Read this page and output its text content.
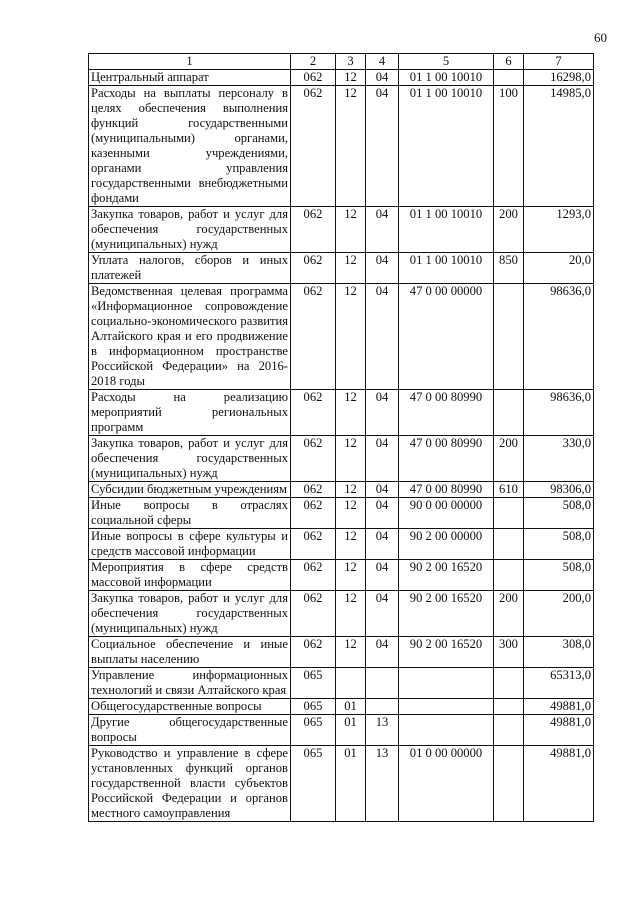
60
1	2	3	4	5	6	7
Центральный аппарат	062	12	04	01 1 00 10010		16298,0
Расходы на выплаты персоналу в целях обеспечения выполнения функций государственными (муниципальными) органами, казенными учреждениями, органами управления государственными внебюджетными фондами	062	12	04	01 1 00 10010	100	14985,0
Закупка товаров, работ и услуг для обеспечения государственных (муниципальных) нужд	062	12	04	01 1 00 10010	200	1293,0
Уплата налогов, сборов и иных платежей	062	12	04	01 1 00 10010	850	20,0
Ведомственная целевая программа «Информационное сопровождение социально-экономического развития Алтайского края и его продвижение в информационном пространстве Российской Федерации» на 2016-2018 годы	062	12	04	47 0 00 00000		98636,0
Расходы на реализацию мероприятий региональных программ	062	12	04	47 0 00 80990		98636,0
Закупка товаров, работ и услуг для обеспечения государственных (муниципальных) нужд	062	12	04	47 0 00 80990	200	330,0
Субсидии бюджетным учреждениям	062	12	04	47 0 00 80990	610	98306,0
Иные вопросы в отраслях социальной сферы	062	12	04	90 0 00 00000		508,0
Иные вопросы в сфере культуры и средств массовой информации	062	12	04	90 2 00 00000		508,0
Мероприятия в сфере средств массовой информации	062	12	04	90 2 00 16520		508,0
Закупка товаров, работ и услуг для обеспечения государственных (муниципальных) нужд	062	12	04	90 2 00 16520	200	200,0
Социальное обеспечение и иные выплаты населению	062	12	04	90 2 00 16520	300	308,0
Управление информационных технологий и связи Алтайского края	065					65313,0
Общегосударственные вопросы	065	01				49881,0
Другие общегосударственные вопросы	065	01	13			49881,0
Руководство и управление в сфере установленных функций органов государственной власти субъектов Российской Федерации и органов местного самоуправления	065	01	13	01 0 00 00000		49881,0
